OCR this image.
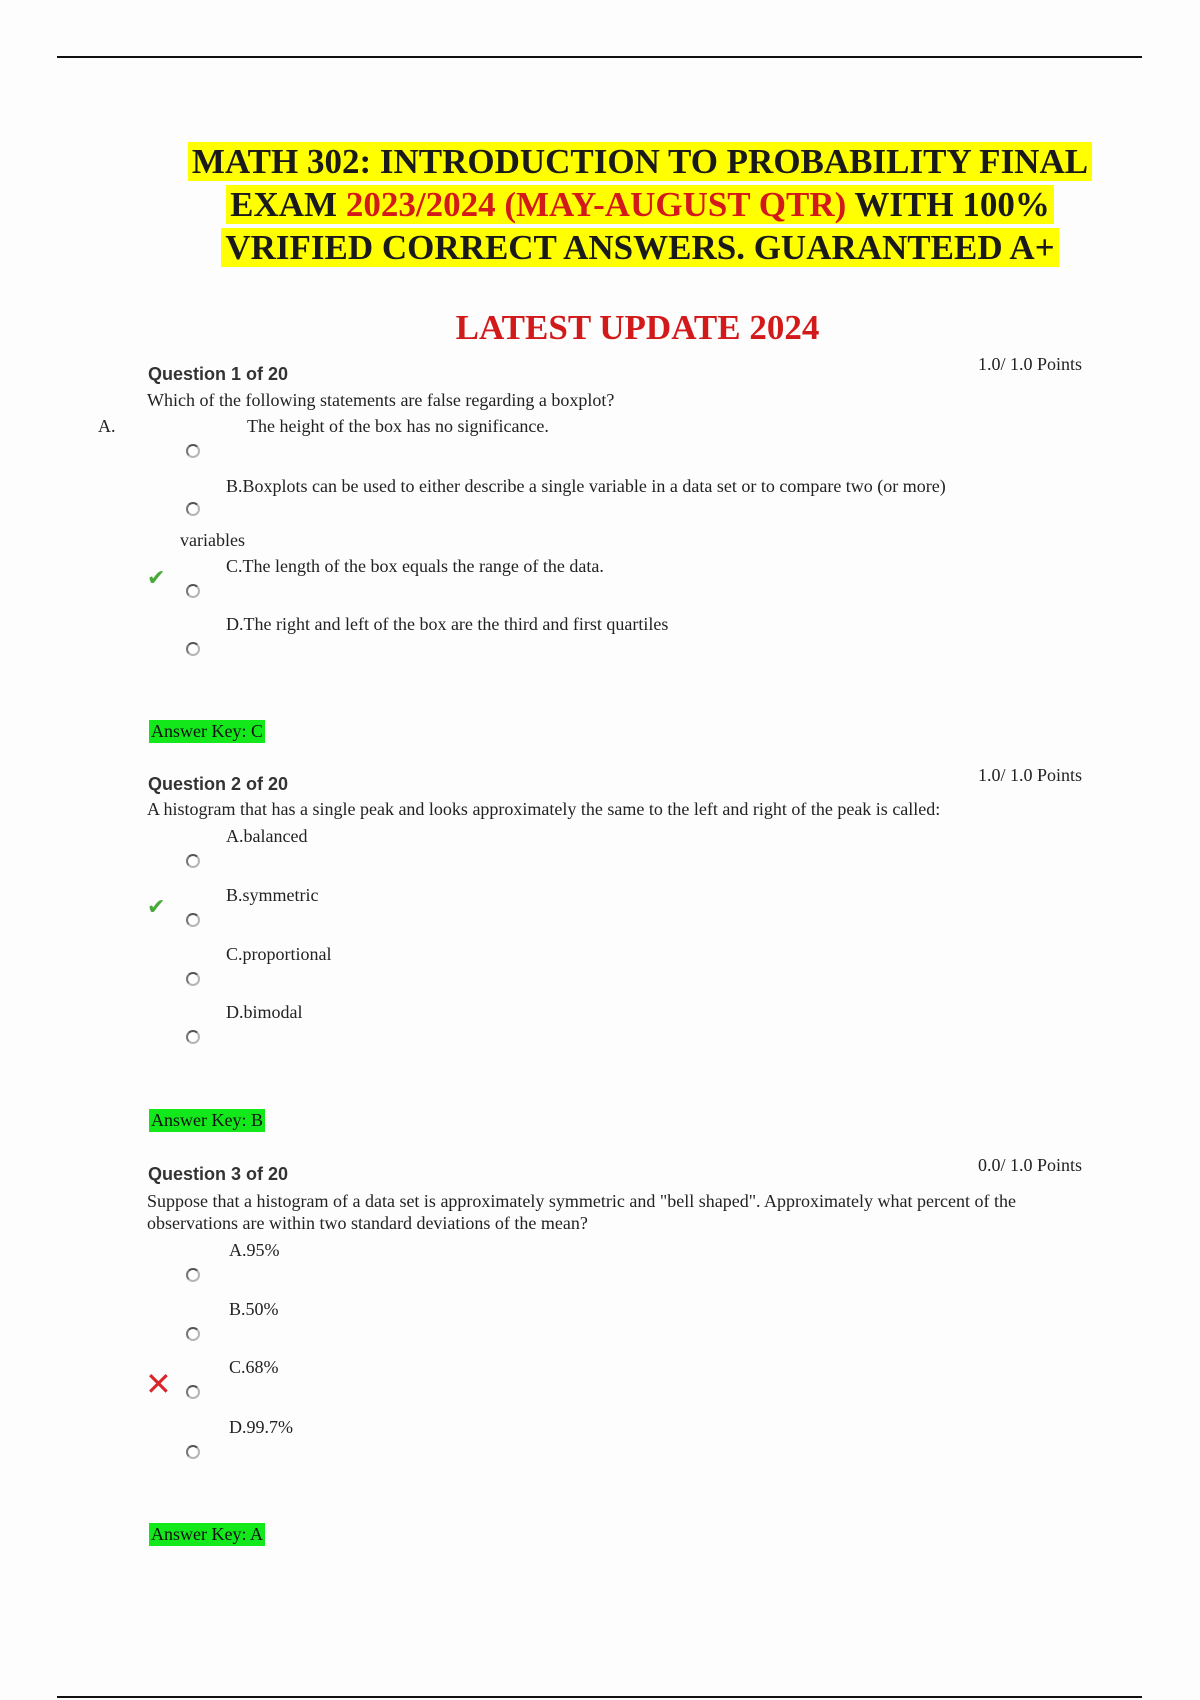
MATH 302: INTRODUCTION TO PROBABILITY FINAL
EXAM 2023/2024 (MAY-AUGUST QTR) WITH 100%
VRIFIED CORRECT ANSWERS. GUARANTEED A+
LATEST UPDATE 2024
Question 1 of 20	1.0/ 1.0 Points
Which of the following statements are false regarding a boxplot?
A.	The height of the box has no significance.
B.Boxplots can be used to either describe a single variable in a data set or to compare two (or more)
variables
C.The length of the box equals the range of the data.
✔
D.The right and left of the box are the third and first quartiles
Answer Key: C
Question 2 of 20	1.0/ 1.0 Points
A histogram that has a single peak and looks approximately the same to the left and right of the peak is called:
A.balanced
B.symmetric
✔
C.proportional
D.bimodal
Answer Key: B
Question 3 of 20	0.0/ 1.0 Points
Suppose that a histogram of a data set is approximately symmetric and "bell shaped". Approximately what percent of the observations are within two standard deviations of the mean?
A.95%
B.50%
C.68%
✕
D.99.7%
Answer Key: A
